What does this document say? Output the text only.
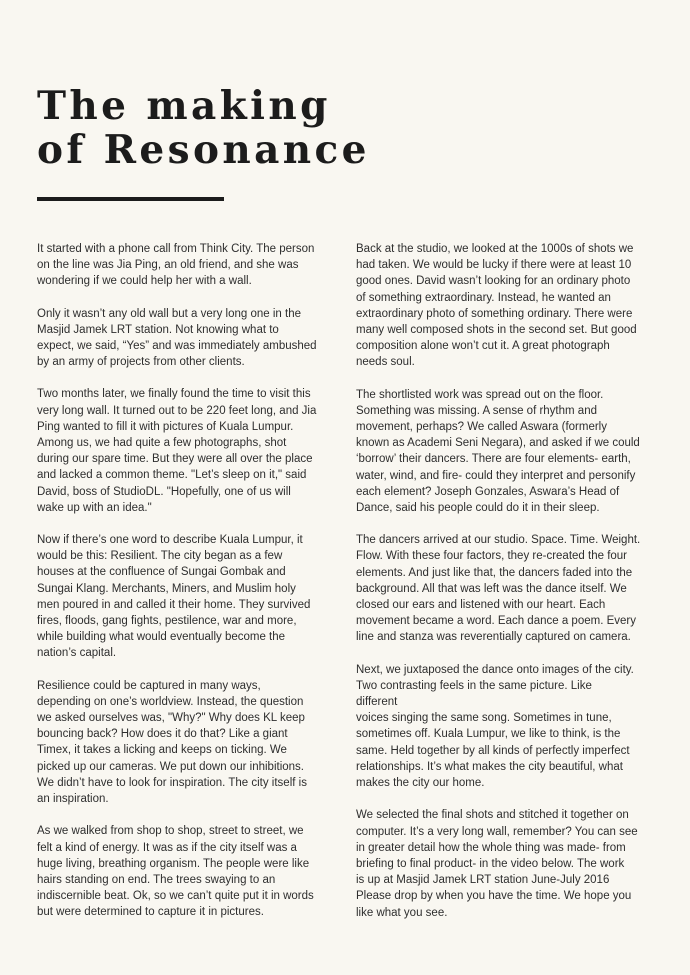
The making
of Resonance

It started with a phone call from Think City. The person
on the line was Jia Ping, an old friend, and she was
wondering if we could help her with a wall.

Only it wasn’t any old wall but a very long one in the
Masjid Jamek LRT station. Not knowing what to
expect, we said, “Yes” and was immediately ambushed
by an army of projects from other clients.

Two months later, we finally found the time to visit this
very long wall. It turned out to be 220 feet long, and Jia
Ping wanted to fill it with pictures of Kuala Lumpur.
Among us, we had quite a few photographs, shot
during our spare time. But they were all over the place
and lacked a common theme. "Let’s sleep on it," said
David, boss of StudioDL. "Hopefully, one of us will
wake up with an idea."

Now if there’s one word to describe Kuala Lumpur, it
would be this: Resilient. The city began as a few
houses at the confluence of Sungai Gombak and
Sungai Klang. Merchants, Miners, and Muslim holy
men poured in and called it their home. They survived
fires, floods, gang fights, pestilence, war and more,
while building what would eventually become the
nation’s capital.

Resilience could be captured in many ways,
depending on one’s worldview. Instead, the question
we asked ourselves was, "Why?" Why does KL keep
bouncing back? How does it do that? Like a giant
Timex, it takes a licking and keeps on ticking. We
picked up our cameras. We put down our inhibitions.
We didn’t have to look for inspiration. The city itself is
an inspiration.

As we walked from shop to shop, street to street, we
felt a kind of energy. It was as if the city itself was a
huge living, breathing organism. The people were like
hairs standing on end. The trees swaying to an
indiscernible beat. Ok, so we can’t quite put it in words
but were determined to capture it in pictures.

Back at the studio, we looked at the 1000s of shots we
had taken. We would be lucky if there were at least 10
good ones. David wasn’t looking for an ordinary photo
of something extraordinary. Instead, he wanted an
extraordinary photo of something ordinary. There were
many well composed shots in the second set. But good
composition alone won’t cut it. A great photograph
needs soul.

The shortlisted work was spread out on the floor.
Something was missing. A sense of rhythm and
movement, perhaps? We called Aswara (formerly
known as Academi Seni Negara), and asked if we could
‘borrow’ their dancers. There are four elements- earth,
water, wind, and fire- could they interpret and personify
each element? Joseph Gonzales, Aswara’s Head of
Dance, said his people could do it in their sleep.

The dancers arrived at our studio. Space. Time. Weight.
Flow. With these four factors, they re-created the four
elements. And just like that, the dancers faded into the
background. All that was left was the dance itself. We
closed our ears and listened with our heart. Each
movement became a word. Each dance a poem. Every
line and stanza was reverentially captured on camera.

Next, we juxtaposed the dance onto images of the city.
Two contrasting feels in the same picture. Like
different
voices singing the same song. Sometimes in tune,
sometimes off. Kuala Lumpur, we like to think, is the
same. Held together by all kinds of perfectly imperfect
relationships. It’s what makes the city beautiful, what
makes the city our home.

We selected the final shots and stitched it together on
computer. It’s a very long wall, remember? You can see
in greater detail how the whole thing was made- from
briefing to final product- in the video below. The work
is up at Masjid Jamek LRT station June-July 2016
Please drop by when you have the time. We hope you
like what you see.
